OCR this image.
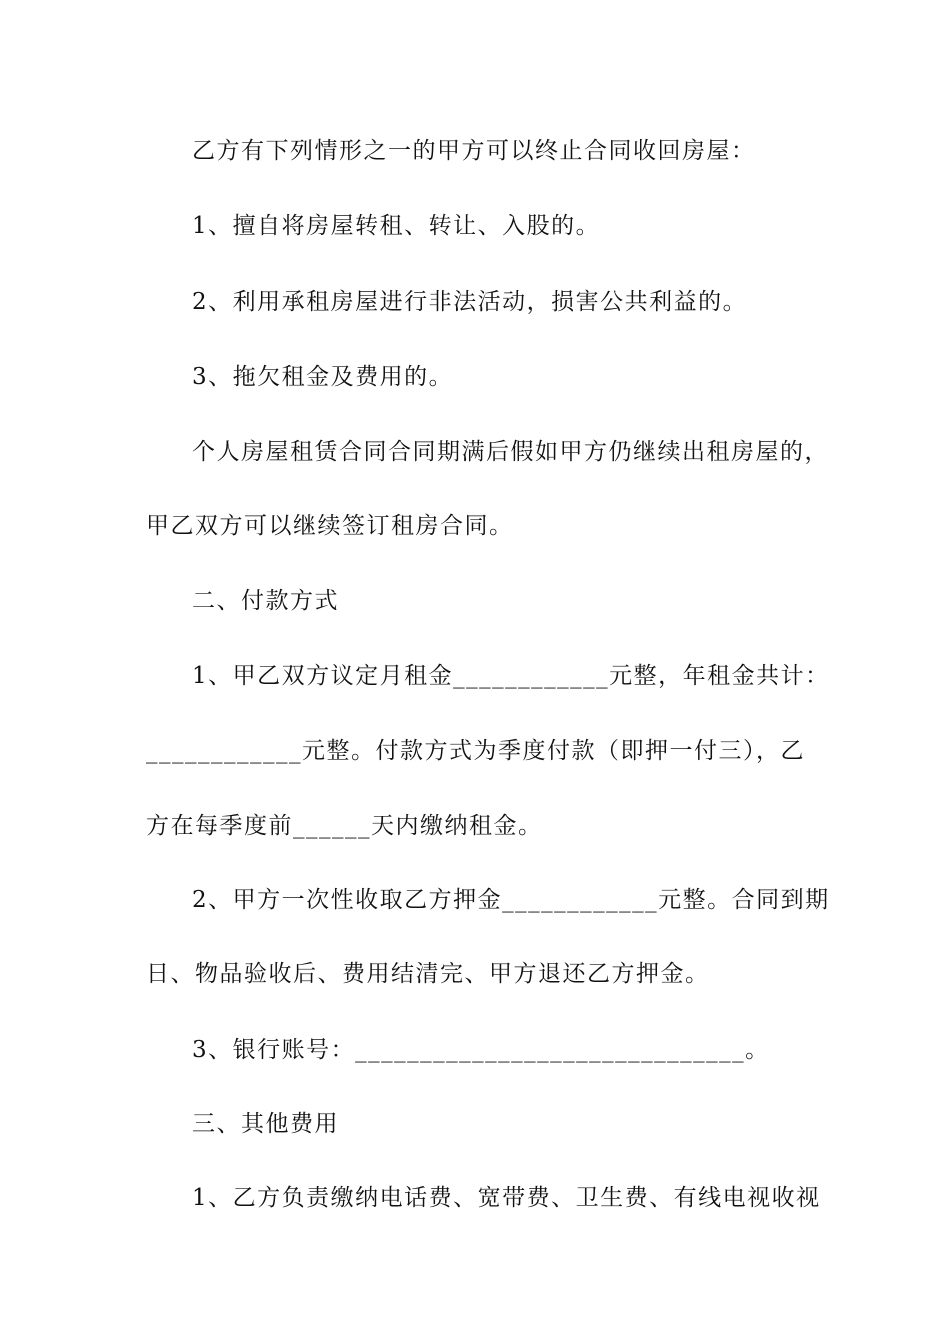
乙方有下列情形之一的甲方可以终止合同收回房屋：
1、擅自将房屋转租、转让、入股的。
2、利用承租房屋进行非法活动，损害公共利益的。
3、拖欠租金及费用的。
个人房屋租赁合同合同期满后假如甲方仍继续出租房屋的，
甲乙双方可以继续签订租房合同。
二、付款方式
1、甲乙双方议定月租金____________元整，年租金共计：
____________元整。付款方式为季度付款（即押一付三），乙
方在每季度前______天内缴纳租金。
2、甲方一次性收取乙方押金____________元整。合同到期
日、物品验收后、费用结清完、甲方退还乙方押金。
3、银行账号：______________________________。
三、其他费用
1、乙方负责缴纳电话费、宽带费、卫生费、有线电视收视
